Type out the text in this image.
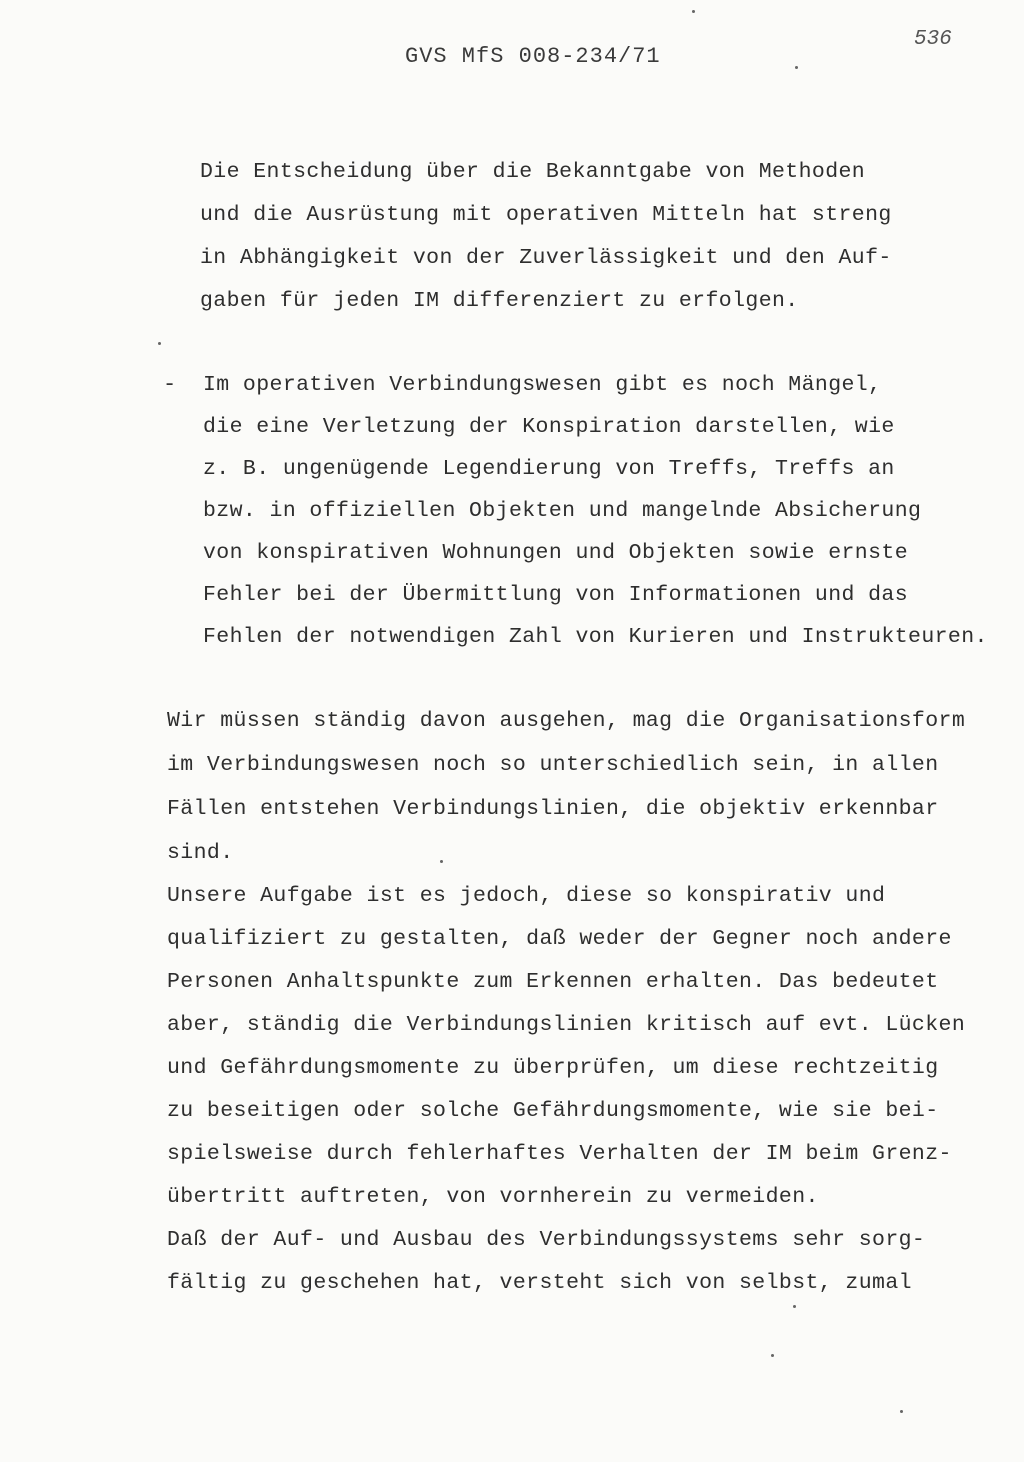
GVS MfS 008-234/71
536
Die Entscheidung über die Bekanntgabe von Methoden
und die Ausrüstung mit operativen Mitteln hat streng
in Abhängigkeit von der Zuverlässigkeit und den Auf-
gaben für jeden IM differenziert zu erfolgen.
- Im operativen Verbindungswesen gibt es noch Mängel,
die eine Verletzung der Konspiration darstellen, wie
z. B. ungenügende Legendierung von Treffs, Treffs an
bzw. in offiziellen Objekten und mangelnde Absicherung
von konspirativen Wohnungen und Objekten sowie ernste
Fehler bei der Übermittlung von Informationen und das
Fehlen der notwendigen Zahl von Kurieren und Instrukteuren.
Wir müssen ständig davon ausgehen, mag die Organisationsform
im Verbindungswesen noch so unterschiedlich sein, in allen
Fällen entstehen Verbindungslinien, die objektiv erkennbar
sind.
Unsere Aufgabe ist es jedoch, diese so konspirativ und
qualifiziert zu gestalten, daß weder der Gegner noch andere
Personen Anhaltspunkte zum Erkennen erhalten. Das bedeutet
aber, ständig die Verbindungslinien kritisch auf evt. Lücken
und Gefährdungsmomente zu überprüfen, um diese rechtzeitig
zu beseitigen oder solche Gefährdungsmomente, wie sie bei-
spielsweise durch fehlerhaftes Verhalten der IM beim Grenz-
übertritt auftreten, von vornherein zu vermeiden.
Daß der Auf- und Ausbau des Verbindungssystems sehr sorg-
fältig zu geschehen hat, versteht sich von selbst, zumal
